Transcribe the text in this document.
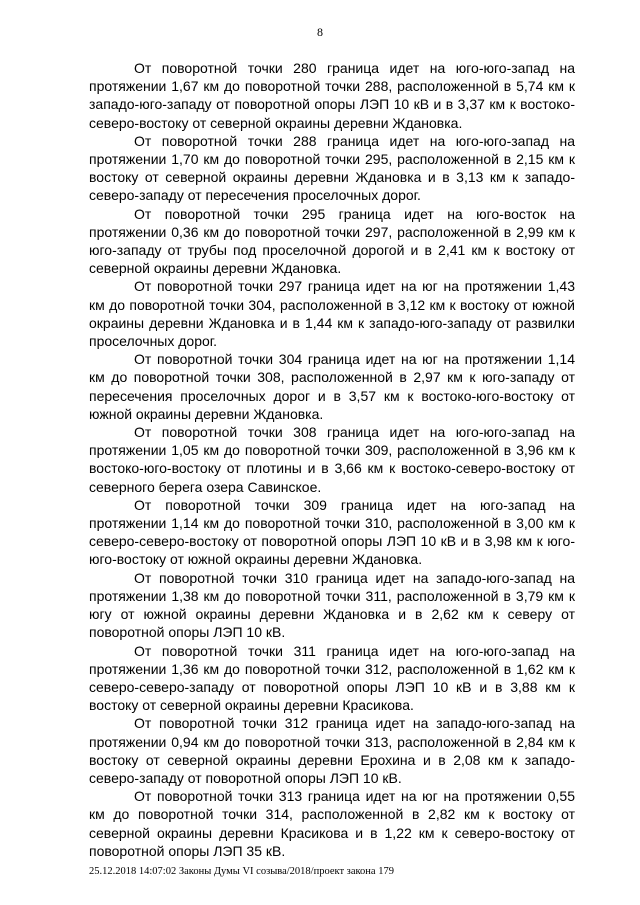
8

От поворотной точки 280 граница идет на юго-юго-запад на протяжении 1,67 км до поворотной точки 288, расположенной в 5,74 км к западо-юго-западу от поворотной опоры ЛЭП 10 кВ и в 3,37 км к востоко-северо-востоку от северной окраины деревни Ждановка.

От поворотной точки 288 граница идет на юго-юго-запад на протяжении 1,70 км до поворотной точки 295, расположенной в 2,15 км к востоку от северной окраины деревни Ждановка и в 3,13 км к западо-северо-западу от пересечения проселочных дорог.

От поворотной точки 295 граница идет на юго-восток на протяжении 0,36 км до поворотной точки 297, расположенной в 2,99 км к юго-западу от трубы под проселочной дорогой и в 2,41 км к востоку от северной окраины деревни Ждановка.

От поворотной точки 297 граница идет на юг на протяжении 1,43 км до поворотной точки 304, расположенной в 3,12 км к востоку от южной окраины деревни Ждановка и в 1,44 км к западо-юго-западу от развилки проселочных дорог.

От поворотной точки 304 граница идет на юг на протяжении 1,14 км до поворотной точки 308, расположенной в 2,97 км к юго-западу от пересечения проселочных дорог и в 3,57 км к востоко-юго-востоку от южной окраины деревни Ждановка.

От поворотной точки 308 граница идет на юго-юго-запад на протяжении 1,05 км до поворотной точки 309, расположенной в 3,96 км к востоко-юго-востоку от плотины и в 3,66 км к востоко-северо-востоку от северного берега озера Савинское.

От поворотной точки 309 граница идет на юго-запад на протяжении 1,14 км до поворотной точки 310, расположенной в 3,00 км к северо-северо-востоку от поворотной опоры ЛЭП 10 кВ и в 3,98 км к юго-юго-востоку от южной окраины деревни Ждановка.

От поворотной точки 310 граница идет на западо-юго-запад на протяжении 1,38 км до поворотной точки 311, расположенной в 3,79 км к югу от южной окраины деревни Ждановка и в 2,62 км к северу от поворотной опоры ЛЭП 10 кВ.

От поворотной точки 311 граница идет на юго-юго-запад на протяжении 1,36 км до поворотной точки 312, расположенной в 1,62 км к северо-северо-западу от поворотной опоры ЛЭП 10 кВ и в 3,88 км к востоку от северной окраины деревни Красикова.

От поворотной точки 312 граница идет на западо-юго-запад на протяжении 0,94 км до поворотной точки 313, расположенной в 2,84 км к востоку от северной окраины деревни Ерохина и в 2,08 км к западо-северо-западу от поворотной опоры ЛЭП 10 кВ.

От поворотной точки 313 граница идет на юг на протяжении 0,55 км до поворотной точки 314, расположенной в 2,82 км к востоку от северной окраины деревни Красикова и в 1,22 км к северо-востоку от поворотной опоры ЛЭП 35 кВ.

25.12.2018 14:07:02 Законы Думы VI созыва/2018/проект закона 179
